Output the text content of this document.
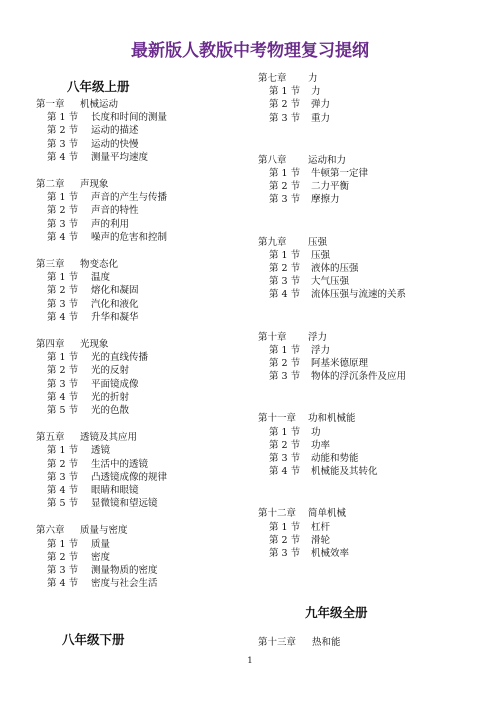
最新版人教版中考物理复习提纲
八年级上册
第一章 机械运动
第 1 节 长度和时间的测量
第 2 节 运动的描述
第 3 节 运动的快慢
第 4 节 测量平均速度
第二章 声现象
第 1 节 声音的产生与传播
第 2 节 声音的特性
第 3 节 声的利用
第 4 节 噪声的危害和控制
第三章 物变态化
第 1 节 温度
第 2 节 熔化和凝固
第 3 节 汽化和液化
第 4 节 升华和凝华
第四章 光现象
第 1 节 光的直线传播
第 2 节 光的反射
第 3 节 平面镜成像
第 4 节 光的折射
第 5 节 光的色散
第五章 透镜及其应用
第 1 节 透镜
第 2 节 生活中的透镜
第 3 节 凸透镜成像的规律
第 4 节 眼睛和眼镜
第 5 节 显微镜和望远镜
第六章 质量与密度
第 1 节 质量
第 2 节 密度
第 3 节 测量物质的密度
第 4 节 密度与社会生活
八年级下册
第七章 力
第 1 节 力
第 2 节 弹力
第 3 节 重力
第八章 运动和力
第 1 节 牛顿第一定律
第 2 节 二力平衡
第 3 节 摩擦力
第九章 压强
第 1 节 压强
第 2 节 液体的压强
第 3 节 大气压强
第 4 节 流体压强与流速的关系
第十章 浮力
第 1 节 浮力
第 2 节 阿基米德原理
第 3 节 物体的浮沉条件及应用
第十一章 功和机械能
第 1 节 功
第 2 节 功率
第 3 节 动能和势能
第 4 节 机械能及其转化
第十二章 简单机械
第 1 节 杠杆
第 2 节 滑轮
第 3 节 机械效率
九年级全册
第十三章 热和能
1
